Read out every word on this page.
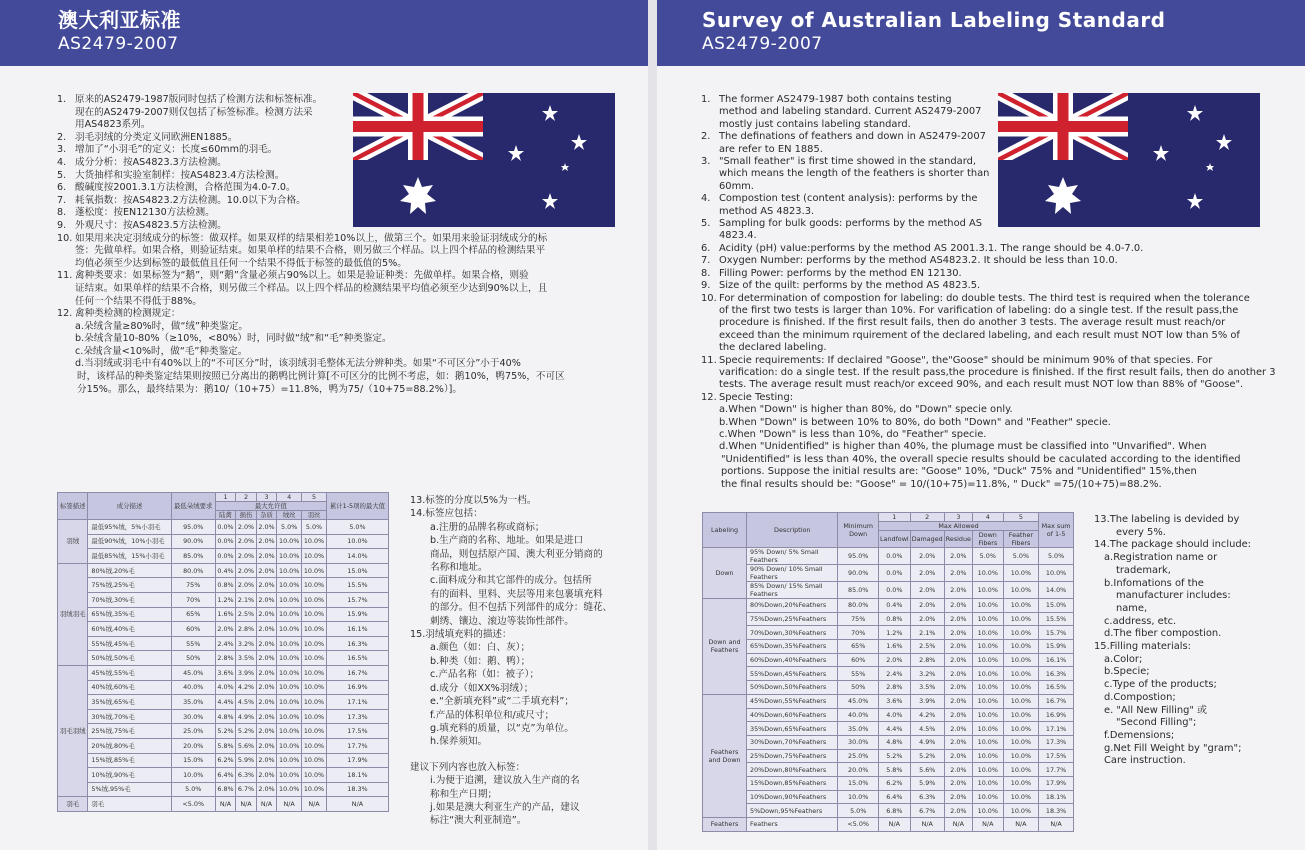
澳大利亚标准
AS2479-2007
1. 原来的AS2479-1987版同时包括了检测方法和标签标准。
现在的AS2479-2007则仅包括了标签标准。检测方法采
用AS4823系列。
2. 羽毛羽绒的分类定义同欧洲EN1885。
3. 增加了“小羽毛”的定义：长度≤60mm的羽毛。
4. 成分分析：按AS4823.3方法检测。
5. 大货抽样和实验室制样：按AS4823.4方法检测。
6. 酸碱度按2001.3.1方法检测，合格范围为4.0-7.0。
7. 耗氧指数：按AS4823.2方法检测。10.0以下为合格。
8. 蓬松度：按EN12130方法检测。
9. 外观尺寸：按AS4823.5方法检测。
10. 如果用来决定羽绒成分的标签：做双样。如果双样的结果相差10%以上，做第三个。如果用来验证羽绒成分的标
签：先做单样。如果合格，则验证结束。如果单样的结果不合格，则另做三个样品。以上四个样品的检测结果平
均值必须至少达到标签的最低值且任何一个结果不得低于标签的最低值的5%。
11. 禽种类要求：如果标签为“鹅”，则“鹅”含量必须占90%以上。如果是验证种类：先做单样。如果合格，则验
证结束。如果单样的结果不合格，则另做三个样品。以上四个样品的检测结果平均值必须至少达到90%以上，且
任何一个结果不得低于88%。
12. 禽种类检测的检测规定：
a.朵绒含量≥80%时，做“绒”种类鉴定。
b.朵绒含量10-80%（≥10%，<80%）时，同时做“绒”和“毛”种类鉴定。
c.朵绒含量<10%时，做“毛”种类鉴定。
d.当羽绒或羽毛中有40%以上的“不可区分”时，该羽绒羽毛整体无法分辨种类。如果“不可区分”小于40%
时，该样品的种类鉴定结果则按照已分离出的鹅鸭比例计算[不可区分的比例不考虑，如：鹅10%，鸭75%，不可区
分15%。那么，最终结果为：鹅10/（10+75）=11.8%，鸭为75/（10+75=88.2%）]。
13.标签的分度以5%为一档。
14.标签应包括：
a.注册的品牌名称或商标；
b.生产商的名称、地址。如果是进口
商品，则包括原产国、澳大利亚分销商的
名称和地址。
c.面料成分和其它部件的成分。包括所
有的面料、里料、夹层等用来包裹填充料
的部分。但不包括下列部件的成分：缝花、
刺绣、镶边、滚边等装饰性部件。
15.羽绒填充料的描述：
a.颜色（如：白、灰）；
b.种类（如：鹅、鸭）；
c.产品名称（如：被子）；
d.成分（如XX%羽绒）；
e.“全新填充料”或“二手填充料”；
f.产品的体积单位和/或尺寸；
g.填充料的质量，以“克”为单位。
h.保养须知。
建议下列内容也放入标签：
i.为便于追溯，建议放入生产商的名
称和生产日期；
j.如果是澳大利亚生产的产品，建议
标注“澳大利亚制造”。
标签描述	成分描述	最低朵绒要求	1	2	3	4	5	累计1-5项的最大值
			最大允许值					
			陆禽	损伤	杂质	绒丝	羽丝	
羽绒	最低95%绒，5%小羽毛	95.0%	0.0%	2.0%	2.0%	5.0%	5.0%	5.0%
	最低90%绒，10%小羽毛	90.0%	0.0%	2.0%	2.0%	10.0%	10.0%	10.0%
	最低85%绒，15%小羽毛	85.0%	0.0%	2.0%	2.0%	10.0%	10.0%	14.0%
羽绒羽毛	80%绒,20%毛	80.0%	0.4%	2.0%	2.0%	10.0%	10.0%	15.0%
	75%绒,25%毛	75%	0.8%	2.0%	2.0%	10.0%	10.0%	15.5%
	70%绒,30%毛	70%	1.2%	2.1%	2.0%	10.0%	10.0%	15.7%
	65%绒,35%毛	65%	1.6%	2.5%	2.0%	10.0%	10.0%	15.9%
	60%绒,40%毛	60%	2.0%	2.8%	2.0%	10.0%	10.0%	16.1%
	55%绒,45%毛	55%	2.4%	3.2%	2.0%	10.0%	10.0%	16.3%
	50%绒,50%毛	50%	2.8%	3.5%	2.0%	10.0%	10.0%	16.5%
羽毛羽绒	45%绒,55%毛	45.0%	3.6%	3.9%	2.0%	10.0%	10.0%	16.7%
	40%绒,60%毛	40.0%	4.0%	4.2%	2.0%	10.0%	10.0%	16.9%
	35%绒,65%毛	35.0%	4.4%	4.5%	2.0%	10.0%	10.0%	17.1%
	30%绒,70%毛	30.0%	4.8%	4.9%	2.0%	10.0%	10.0%	17.3%
	25%绒,75%毛	25.0%	5.2%	5.2%	2.0%	10.0%	10.0%	17.5%
	20%绒,80%毛	20.0%	5.8%	5.6%	2.0%	10.0%	10.0%	17.7%
	15%绒,85%毛	15.0%	6.2%	5.9%	2.0%	10.0%	10.0%	17.9%
	10%绒,90%毛	10.0%	6.4%	6.3%	2.0%	10.0%	10.0%	18.1%
	5%绒,95%毛	5.0%	6.8%	6.7%	2.0%	10.0%	10.0%	18.3%
羽毛	羽毛	<5.0%	N/A	N/A	N/A	N/A	N/A	N/A
Survey of Australian Labeling Standard
AS2479-2007
1. The former AS2479-1987 both contains testing
method and labeling standard. Current AS2479-2007
mostly just contains labeling standard.
2. The definations of feathers and down in AS2479-2007
are refer to EN 1885.
3. "Small feather" is first time showed in the standard,
which means the length of the feathers is shorter than
60mm.
4. Compostion test (content analysis): performs by the
method AS 4823.3.
5. Sampling for bulk goods: performs by the method AS
4823.4.
6. Acidity (pH) value:performs by the method AS 2001.3.1. The range should be 4.0-7.0.
7. Oxygen Number: performs by the method AS4823.2. It should be less than 10.0.
8. Filling Power: performs by the method EN 12130.
9. Size of the quilt: performs by the method AS 4823.5.
10. For determination of compostion for labeling: do double tests. The third test is required when the tolerance
of the first two tests is larger than 10%. For varification of labeling: do a single test. If the result pass,the
procedure is finished. If the first result fails, then do another 3 tests. The average result must reach/or
exceed than the minimum rquirement of the declared labeling, and each result must NOT low than 5% of
the declared labeling.
11. Specie requirements: If declaired "Goose", the"Goose" should be minimum 90% of that species. For
varification: do a single test. If the result pass,the procedure is finished. If the first result fails, then do another 3
tests. The average result must reach/or exceed 90%, and each result must NOT low than 88% of "Goose".
12. Specie Testing:
a.When "Down" is higher than 80%, do "Down" specie only.
b.When "Down" is between 10% to 80%, do both "Down" and "Feather" specie.
c.When "Down" is less than 10%, do "Feather" specie.
d.When "Unidentified" is higher than 40%, the plumage must be classified into "Unvarified". When
"Unidentified" is less than 40%, the overall specie results should be caculated according to the identified
portions. Suppose the initial results are: "Goose" 10%, "Duck" 75% and "Unidentified" 15%,then
the final results should be: "Goose" = 10/(10+75)=11.8%, " Duck" =75/(10+75)=88.2%.
13.The labeling is devided by
every 5%.
14.The package should include:
a.Registration name or
trademark,
b.Infomations of the
manufacturer includes:
name,
c.address, etc.
d.The fiber compostion.
15.Filling materials:
a.Color;
b.Specie;
c.Type of the products;
d.Compostion;
e. "All New Filling" 或
"Second Filling";
f.Demensions;
g.Net Fill Weight by "gram";
Care instruction.
Labeling	Description	Minimum Down	1	2	3	4	5	Max sum of 1-5
			Max Allowed					
			Landfowl	Damaged	Residue	Down Fibers	Feather Fibers	
Down	95% Down/ 5% Small Feathers	95.0%	0.0%	2.0%	2.0%	5.0%	5.0%	5.0%
	90% Down/ 10% Small Feathers	90.0%	0.0%	2.0%	2.0%	10.0%	10.0%	10.0%
	85% Down/ 15% Small Feathers	85.0%	0.0%	2.0%	2.0%	10.0%	10.0%	14.0%
Down and Feathers	80%Down,20%Feathers	80.0%	0.4%	2.0%	2.0%	10.0%	10.0%	15.0%
	75%Down,25%Feathers	75%	0.8%	2.0%	2.0%	10.0%	10.0%	15.5%
	70%Down,30%Feathers	70%	1.2%	2.1%	2.0%	10.0%	10.0%	15.7%
	65%Down,35%Feathers	65%	1.6%	2.5%	2.0%	10.0%	10.0%	15.9%
	60%Down,40%Feathers	60%	2.0%	2.8%	2.0%	10.0%	10.0%	16.1%
	55%Down,45%Feathers	55%	2.4%	3.2%	2.0%	10.0%	10.0%	16.3%
	50%Down,50%Feathers	50%	2.8%	3.5%	2.0%	10.0%	10.0%	16.5%
Feathers and Down	45%Down,55%Feathers	45.0%	3.6%	3.9%	2.0%	10.0%	10.0%	16.7%
	40%Down,60%Feathers	40.0%	4.0%	4.2%	2.0%	10.0%	10.0%	16.9%
	35%Down,65%Feathers	35.0%	4.4%	4.5%	2.0%	10.0%	10.0%	17.1%
	30%Down,70%Feathers	30.0%	4.8%	4.9%	2.0%	10.0%	10.0%	17.3%
	25%Down,75%Feathers	25.0%	5.2%	5.2%	2.0%	10.0%	10.0%	17.5%
	20%Down,80%Feathers	20.0%	5.8%	5.6%	2.0%	10.0%	10.0%	17.7%
	15%Down,85%Feathers	15.0%	6.2%	5.9%	2.0%	10.0%	10.0%	17.9%
	10%Down,90%Feathers	10.0%	6.4%	6.3%	2.0%	10.0%	10.0%	18.1%
	5%Down,95%Feathers	5.0%	6.8%	6.7%	2.0%	10.0%	10.0%	18.3%
Feathers	Feathers	<5.0%	N/A	N/A	N/A	N/A	N/A	N/A
